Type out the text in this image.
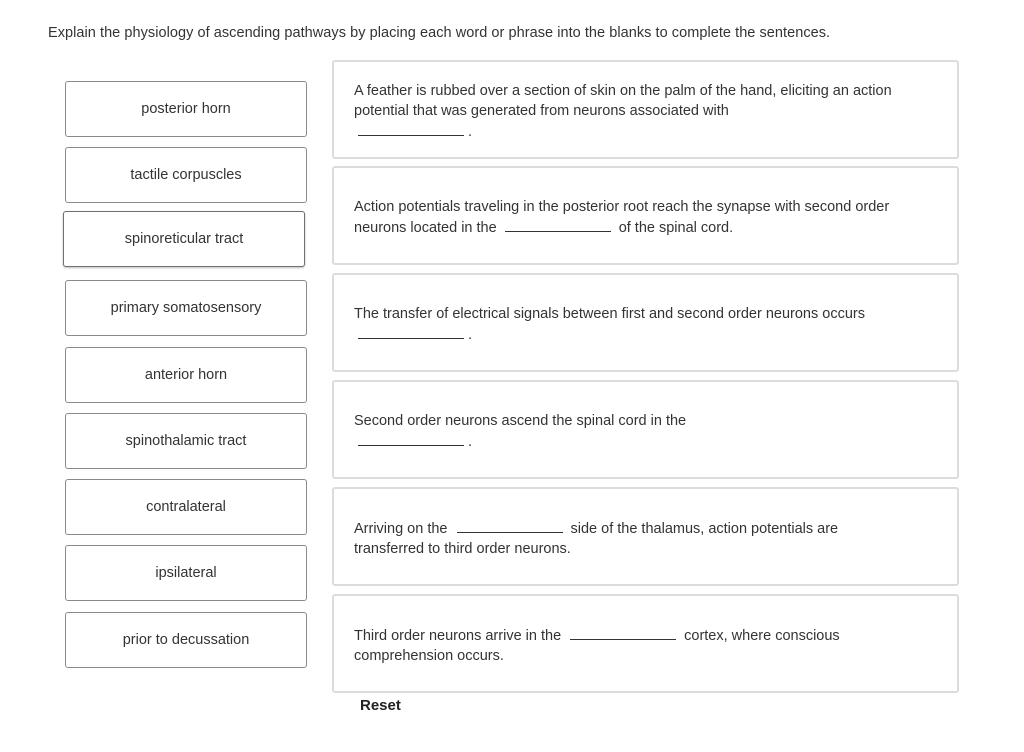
Explain the physiology of ascending pathways by placing each word or phrase into the blanks to complete the sentences.
posterior horn
tactile corpuscles
spinoreticular tract
primary somatosensory
anterior horn
spinothalamic tract
contralateral
ipsilateral
prior to decussation
A feather is rubbed over a section of skin on the palm of the hand, eliciting an action potential that was generated from neurons associated with
.
Action potentials traveling in the posterior root reach the synapse with second order neurons located in the	of the spinal cord.
The transfer of electrical signals between first and second order neurons occurs
.
Second order neurons ascend the spinal cord in the
.
Arriving on the	side of the thalamus, action potentials are transferred to third order neurons.
Third order neurons arrive in the	cortex, where conscious comprehension occurs.
Reset
